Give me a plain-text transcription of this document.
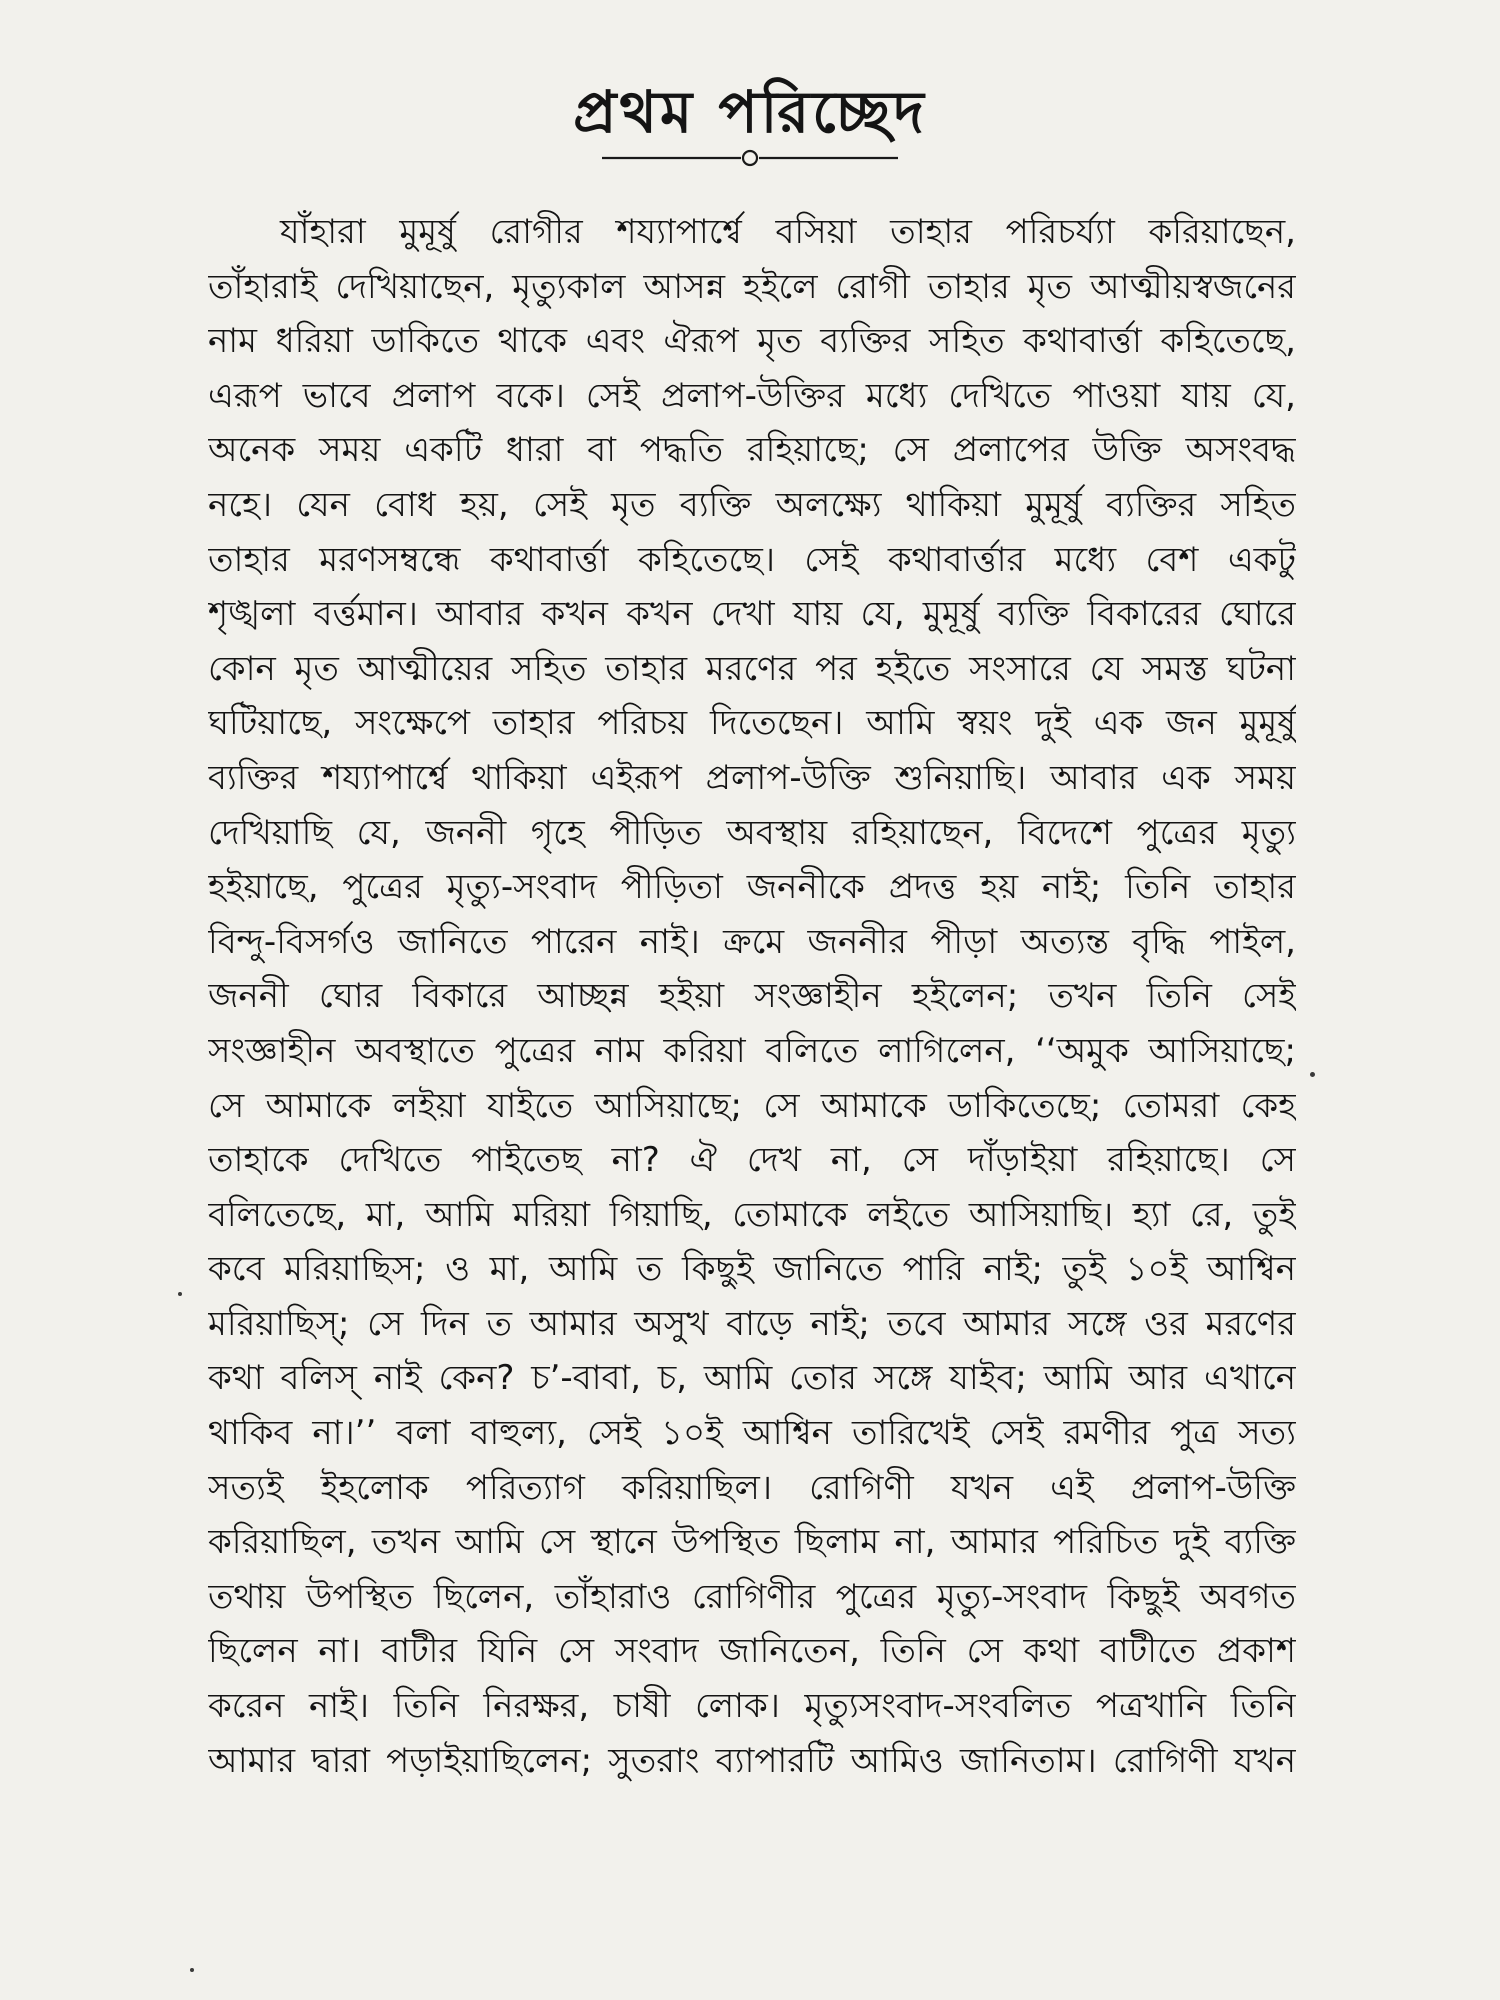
প্রথম পরিচ্ছেদ
যাঁহারা মুমূর্ষু রোগীর শয্যাপার্শ্বে বসিয়া তাহার পরিচর্য্যা করিয়াছেন,
তাঁহারাই দেখিয়াছেন, মৃত্যুকাল আসন্ন হইলে রোগী তাহার মৃত আত্মীয়স্বজনের
নাম ধরিয়া ডাকিতে থাকে এবং ঐরূপ মৃত ব্যক্তির সহিত কথাবার্ত্তা কহিতেছে,
এরূপ ভাবে প্রলাপ বকে। সেই প্রলাপ-উক্তির মধ্যে দেখিতে পাওয়া যায় যে,
অনেক সময় একটি ধারা বা পদ্ধতি রহিয়াছে; সে প্রলাপের উক্তি অসংবদ্ধ
নহে। যেন বোধ হয়, সেই মৃত ব্যক্তি অলক্ষ্যে থাকিয়া মুমূর্ষু ব্যক্তির সহিত
তাহার মরণসম্বন্ধে কথাবার্ত্তা কহিতেছে। সেই কথাবার্ত্তার মধ্যে বেশ একটু
শৃঙ্খলা বর্ত্তমান। আবার কখন কখন দেখা যায় যে, মুমূর্ষু ব্যক্তি বিকারের ঘোরে
কোন মৃত আত্মীয়ের সহিত তাহার মরণের পর হইতে সংসারে যে সমস্ত ঘটনা
ঘটিয়াছে, সংক্ষেপে তাহার পরিচয় দিতেছেন। আমি স্বয়ং দুই এক জন মুমূর্ষু
ব্যক্তির শয্যাপার্শ্বে থাকিয়া এইরূপ প্রলাপ-উক্তি শুনিয়াছি। আবার এক সময়
দেখিয়াছি যে, জননী গৃহে পীড়িত অবস্থায় রহিয়াছেন, বিদেশে পুত্রের মৃত্যু
হইয়াছে, পুত্রের মৃত্যু-সংবাদ পীড়িতা জননীকে প্রদত্ত হয় নাই; তিনি তাহার
বিন্দু-বিসর্গও জানিতে পারেন নাই। ক্রমে জননীর পীড়া অত্যন্ত বৃদ্ধি পাইল,
জননী ঘোর বিকারে আচ্ছন্ন হইয়া সংজ্ঞাহীন হইলেন; তখন তিনি সেই
সংজ্ঞাহীন অবস্থাতে পুত্রের নাম করিয়া বলিতে লাগিলেন, ‘‘অমুক আসিয়াছে;
সে আমাকে লইয়া যাইতে আসিয়াছে; সে আমাকে ডাকিতেছে; তোমরা কেহ
তাহাকে দেখিতে পাইতেছ না? ঐ দেখ না, সে দাঁড়াইয়া রহিয়াছে। সে
বলিতেছে, মা, আমি মরিয়া গিয়াছি, তোমাকে লইতে আসিয়াছি। হ্যা রে, তুই
কবে মরিয়াছিস; ও মা, আমি ত কিছুই জানিতে পারি নাই; তুই ১০ই আশ্বিন
মরিয়াছিস্; সে দিন ত আমার অসুখ বাড়ে নাই; তবে আমার সঙ্গে ওর মরণের
কথা বলিস্ নাই কেন? চ’-বাবা, চ, আমি তোর সঙ্গে যাইব; আমি আর এখানে
থাকিব না।’’ বলা বাহুল্য, সেই ১০ই আশ্বিন তারিখেই সেই রমণীর পুত্র সত্য
সত্যই ইহলোক পরিত্যাগ করিয়াছিল। রোগিণী যখন এই প্রলাপ-উক্তি
করিয়াছিল, তখন আমি সে স্থানে উপস্থিত ছিলাম না, আমার পরিচিত দুই ব্যক্তি
তথায় উপস্থিত ছিলেন, তাঁহারাও রোগিণীর পুত্রের মৃত্যু-সংবাদ কিছুই অবগত
ছিলেন না। বাটীর যিনি সে সংবাদ জানিতেন, তিনি সে কথা বাটীতে প্রকাশ
করেন নাই। তিনি নিরক্ষর, চাষী লোক। মৃত্যুসংবাদ-সংবলিত পত্রখানি তিনি
আমার দ্বারা পড়াইয়াছিলেন; সুতরাং ব্যাপারটি আমিও জানিতাম। রোগিণী যখন
